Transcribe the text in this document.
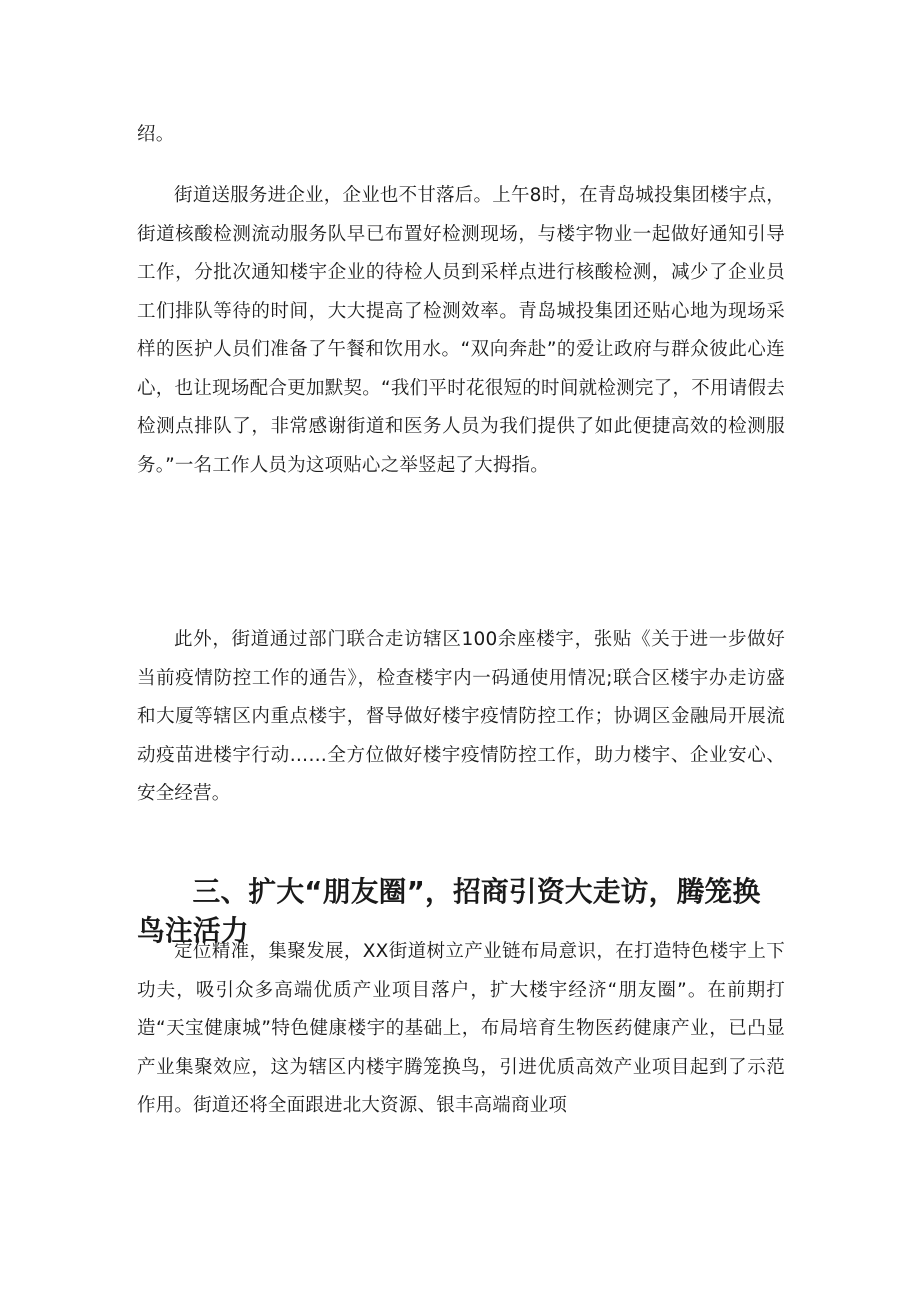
绍。

街道送服务进企业，企业也不甘落后。上午8时，在青岛城投集团楼宇点，街道核酸检测流动服务队早已布置好检测现场，与楼宇物业一起做好通知引导工作，分批次通知楼宇企业的待检人员到采样点进行核酸检测，减少了企业员工们排队等待的时间，大大提高了检测效率。青岛城投集团还贴心地为现场采样的医护人员们准备了午餐和饮用水。“双向奔赴”的爱让政府与群众彼此心连心，也让现场配合更加默契。“我们平时花很短的时间就检测完了，不用请假去检测点排队了，非常感谢街道和医务人员为我们提供了如此便捷高效的检测服务。”一名工作人员为这项贴心之举竖起了大拇指。

此外，街道通过部门联合走访辖区100余座楼宇，张贴《关于进一步做好当前疫情防控工作的通告》，检查楼宇内一码通使用情况;联合区楼宇办走访盛和大厦等辖区内重点楼宇，督导做好楼宇疫情防控工作；协调区金融局开展流动疫苗进楼宇行动……全方位做好楼宇疫情防控工作，助力楼宇、企业安心、安全经营。

三、扩大“朋友圈”，招商引资大走访，腾笼换鸟注活力

定位精准，集聚发展，XX街道树立产业链布局意识，在打造特色楼宇上下功夫，吸引众多高端优质产业项目落户，扩大楼宇经济“朋友圈”。在前期打造“天宝健康城”特色健康楼宇的基础上，布局培育生物医药健康产业，已凸显产业集聚效应，这为辖区内楼宇腾笼换鸟，引进优质高效产业项目起到了示范作用。街道还将全面跟进北大资源、银丰高端商业项
